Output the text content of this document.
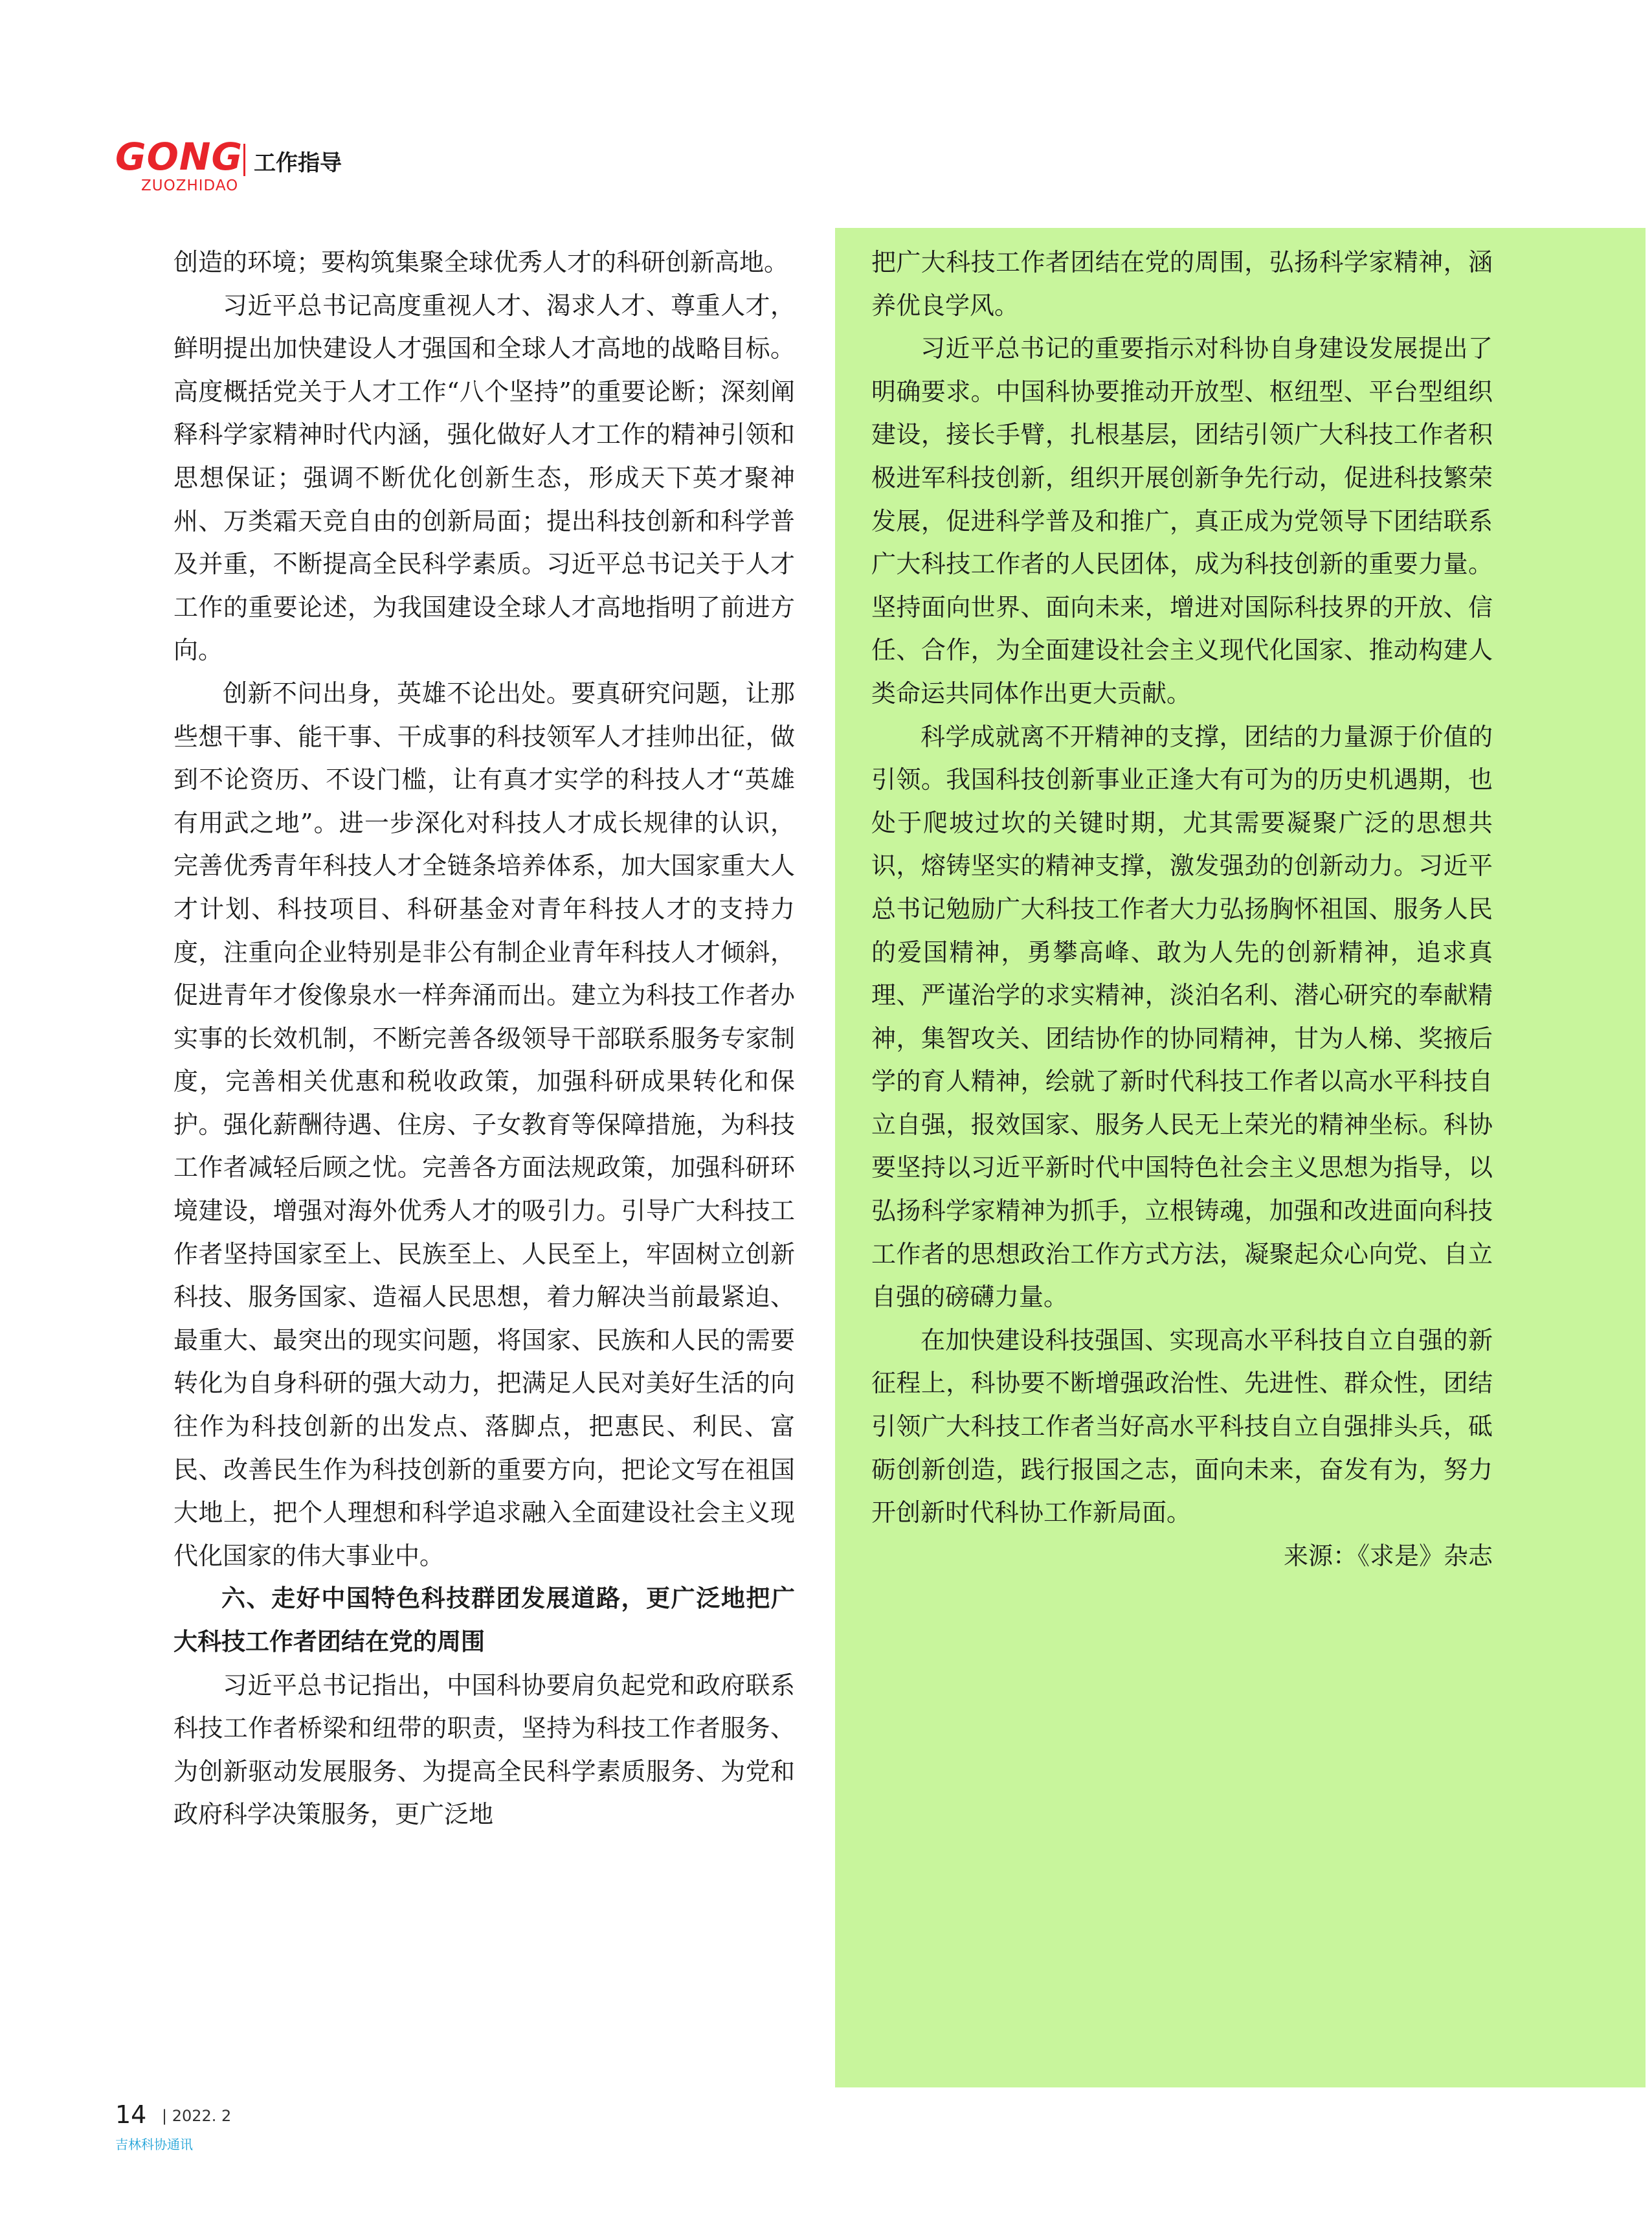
GONG 工作指导
ZUOZHIDAO

创造的环境；要构筑集聚全球优秀人才的科研创新高地。

习近平总书记高度重视人才、渴求人才、尊重人才，鲜明提出加快建设人才强国和全球人才高地的战略目标。高度概括党关于人才工作“八个坚持”的重要论断；深刻阐释科学家精神时代内涵，强化做好人才工作的精神引领和思想保证；强调不断优化创新生态，形成天下英才聚神州、万类霜天竞自由的创新局面；提出科技创新和科学普及并重，不断提高全民科学素质。习近平总书记关于人才工作的重要论述，为我国建设全球人才高地指明了前进方向。

创新不问出身，英雄不论出处。要真研究问题，让那些想干事、能干事、干成事的科技领军人才挂帅出征，做到不论资历、不设门槛，让有真才实学的科技人才“英雄有用武之地”。进一步深化对科技人才成长规律的认识，完善优秀青年科技人才全链条培养体系，加大国家重大人才计划、科技项目、科研基金对青年科技人才的支持力度，注重向企业特别是非公有制企业青年科技人才倾斜，促进青年才俊像泉水一样奔涌而出。建立为科技工作者办实事的长效机制，不断完善各级领导干部联系服务专家制度，完善相关优惠和税收政策，加强科研成果转化和保护。强化薪酬待遇、住房、子女教育等保障措施，为科技工作者减轻后顾之忧。完善各方面法规政策，加强科研环境建设，增强对海外优秀人才的吸引力。引导广大科技工作者坚持国家至上、民族至上、人民至上，牢固树立创新科技、服务国家、造福人民思想，着力解决当前最紧迫、最重大、最突出的现实问题，将国家、民族和人民的需要转化为自身科研的强大动力，把满足人民对美好生活的向往作为科技创新的出发点、落脚点，把惠民、利民、富民、改善民生作为科技创新的重要方向，把论文写在祖国大地上，把个人理想和科学追求融入全面建设社会主义现代化国家的伟大事业中。

六、走好中国特色科技群团发展道路，更广泛地把广大科技工作者团结在党的周围

习近平总书记指出，中国科协要肩负起党和政府联系科技工作者桥梁和纽带的职责，坚持为科技工作者服务、为创新驱动发展服务、为提高全民科学素质服务、为党和政府科学决策服务，更广泛地

把广大科技工作者团结在党的周围，弘扬科学家精神，涵养优良学风。

习近平总书记的重要指示对科协自身建设发展提出了明确要求。中国科协要推动开放型、枢纽型、平台型组织建设，接长手臂，扎根基层，团结引领广大科技工作者积极进军科技创新，组织开展创新争先行动，促进科技繁荣发展，促进科学普及和推广，真正成为党领导下团结联系广大科技工作者的人民团体，成为科技创新的重要力量。坚持面向世界、面向未来，增进对国际科技界的开放、信任、合作，为全面建设社会主义现代化国家、推动构建人类命运共同体作出更大贡献。

科学成就离不开精神的支撑，团结的力量源于价值的引领。我国科技创新事业正逢大有可为的历史机遇期，也处于爬坡过坎的关键时期，尤其需要凝聚广泛的思想共识，熔铸坚实的精神支撑，激发强劲的创新动力。习近平总书记勉励广大科技工作者大力弘扬胸怀祖国、服务人民的爱国精神，勇攀高峰、敢为人先的创新精神，追求真理、严谨治学的求实精神，淡泊名利、潜心研究的奉献精神，集智攻关、团结协作的协同精神，甘为人梯、奖掖后学的育人精神，绘就了新时代科技工作者以高水平科技自立自强，报效国家、服务人民无上荣光的精神坐标。科协要坚持以习近平新时代中国特色社会主义思想为指导，以弘扬科学家精神为抓手，立根铸魂，加强和改进面向科技工作者的思想政治工作方式方法，凝聚起众心向党、自立自强的磅礴力量。

在加快建设科技强国、实现高水平科技自立自强的新征程上，科协要不断增强政治性、先进性、群众性，团结引领广大科技工作者当好高水平科技自立自强排头兵，砥砺创新创造，践行报国之志，面向未来，奋发有为，努力开创新时代科协工作新局面。

来源：《求是》杂志

14 | 2022. 2
吉林科协通讯
